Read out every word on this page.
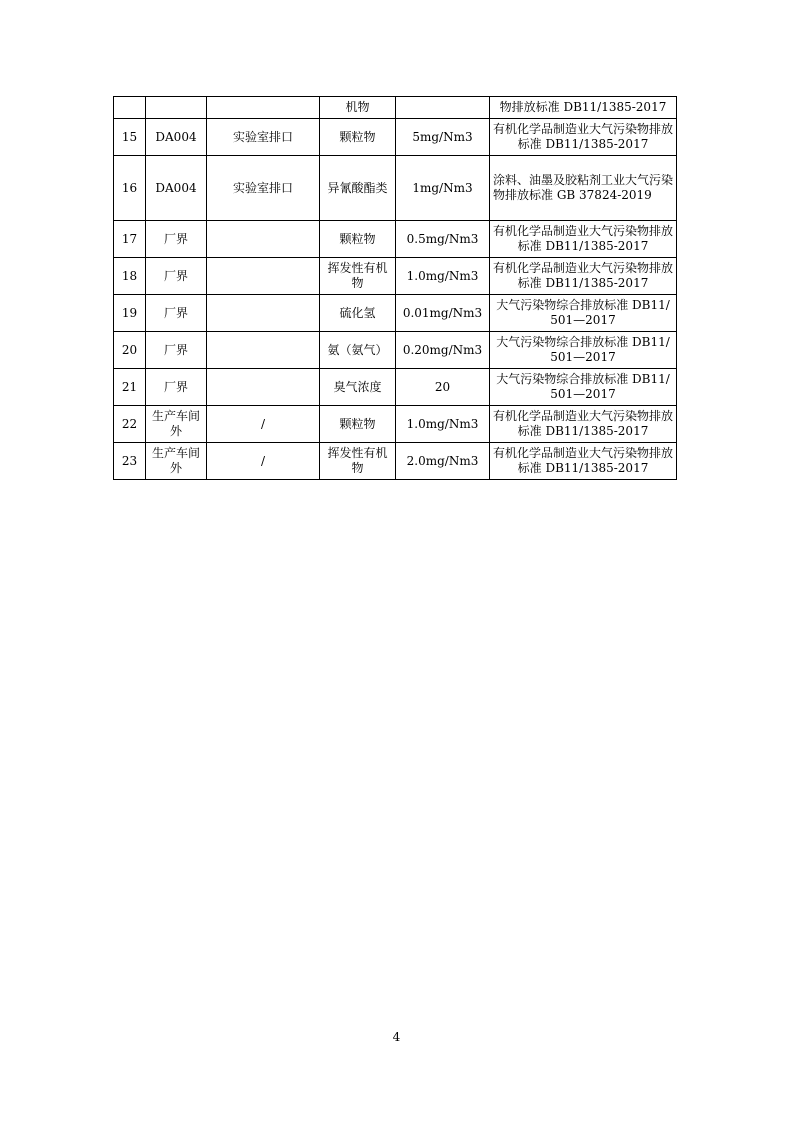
			机物		物排放标准 DB11/1385-2017
15	DA004	实验室排口	颗粒物	5mg/Nm3	有机化学品制造业大气污染物排放标准 DB11/1385-2017
16	DA004	实验室排口	异氰酸酯类	1mg/Nm3	涂料、油墨及胶粘剂工业大气污染物排放标准 GB 37824-2019
17	厂界		颗粒物	0.5mg/Nm3	有机化学品制造业大气污染物排放标准 DB11/1385-2017
18	厂界		挥发性有机物	1.0mg/Nm3	有机化学品制造业大气污染物排放标准 DB11/1385-2017
19	厂界		硫化氢	0.01mg/Nm3	大气污染物综合排放标准 DB11/ 501—2017
20	厂界		氨（氨气）	0.20mg/Nm3	大气污染物综合排放标准 DB11/ 501—2017
21	厂界		臭气浓度	20	大气污染物综合排放标准 DB11/ 501—2017
22	生产车间外	/	颗粒物	1.0mg/Nm3	有机化学品制造业大气污染物排放标准 DB11/1385-2017
23	生产车间外	/	挥发性有机物	2.0mg/Nm3	有机化学品制造业大气污染物排放标准 DB11/1385-2017
4
